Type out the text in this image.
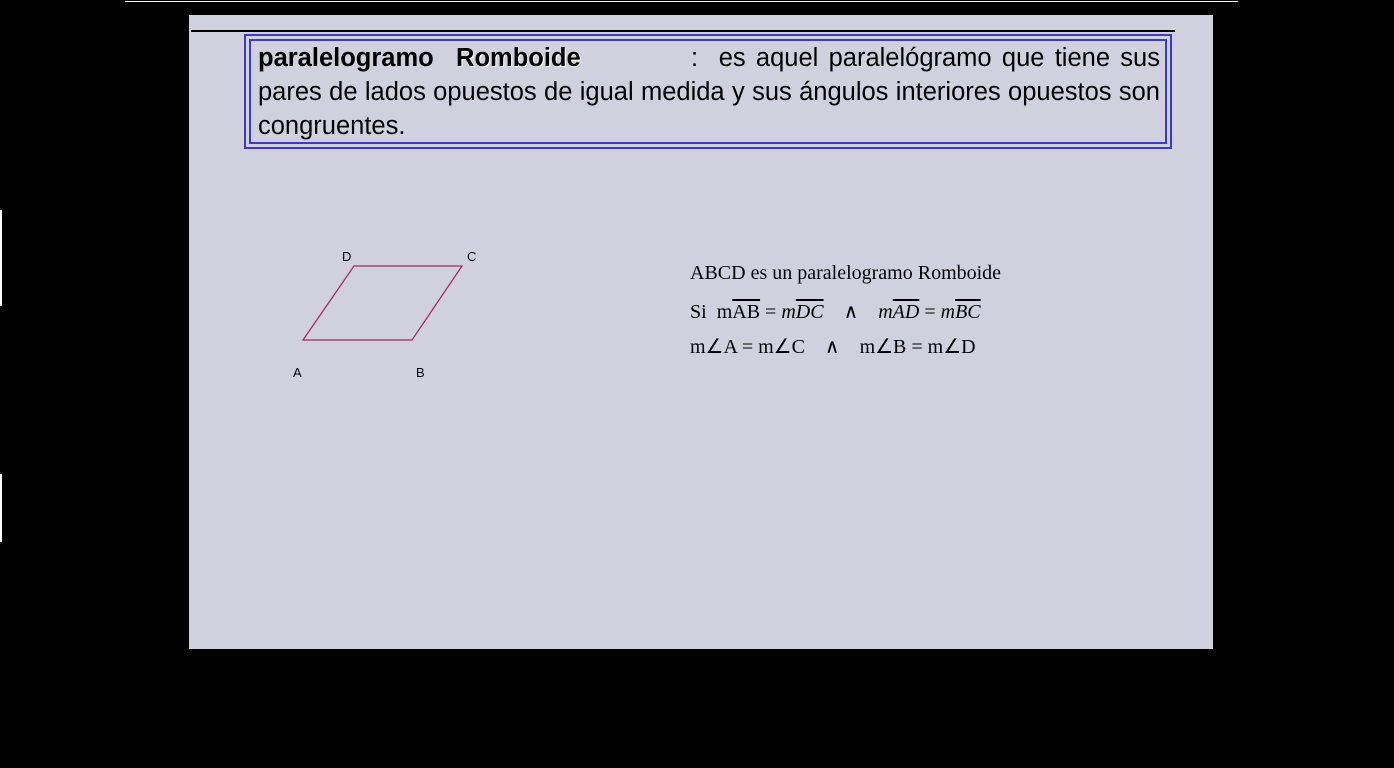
paralelogramo Romboide	: es aquel paralelógramo que tiene sus pares de lados opuestos de igual medida y sus ángulos interiores opuestos son congruentes.
D	C
A	B
ABCD es un paralelogramo Romboide
Si $m\overline{AB} = m\overline{DC}$ ∧ $m\overline{AD} = m\overline{BC}$
m∠A = m∠C    ∧    m∠B = m∠D
